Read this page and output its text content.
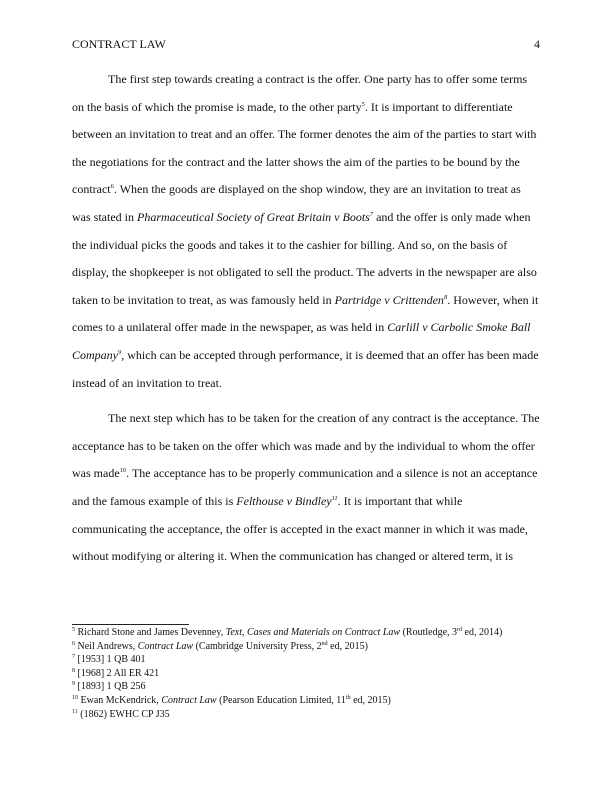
CONTRACT LAW	4
The first step towards creating a contract is the offer. One party has to offer some terms
on the basis of which the promise is made, to the other party$^5$. It is important to differentiate
between an invitation to treat and an offer. The former denotes the aim of the parties to start with
the negotiations for the contract and the latter shows the aim of the parties to be bound by the
contract$^6$. When the goods are displayed on the shop window, they are an invitation to treat as
was stated in Pharmaceutical Society of Great Britain v Boots$^7$ and the offer is only made when
the individual picks the goods and takes it to the cashier for billing. And so, on the basis of
display, the shopkeeper is not obligated to sell the product. The adverts in the newspaper are also
taken to be invitation to treat, as was famously held in Partridge v Crittenden$^8$. However, when it
comes to a unilateral offer made in the newspaper, as was held in Carlill v Carbolic Smoke Ball
Company$^9$, which can be accepted through performance, it is deemed that an offer has been made
instead of an invitation to treat.
The next step which has to be taken for the creation of any contract is the acceptance. The
acceptance has to be taken on the offer which was made and by the individual to whom the offer
was made$^{10}$. The acceptance has to be properly communication and a silence is not an acceptance
and the famous example of this is Felthouse v Bindley$^{11}$. It is important that while
communicating the acceptance, the offer is accepted in the exact manner in which it was made,
without modifying or altering it. When the communication has changed or altered term, it is
$^5$ Richard Stone and James Devenney, Text, Cases and Materials on Contract Law (Routledge, 3rd ed, 2014)
$^6$ Neil Andrews, Contract Law (Cambridge University Press, 2nd ed, 2015)
$^7$ [1953] 1 QB 401
$^8$ [1968] 2 All ER 421
$^9$ [1893] 1 QB 256
$^{10}$ Ewan McKendrick, Contract Law (Pearson Education Limited, 11th ed, 2015)
$^{11}$ (1862) EWHC CP J35
